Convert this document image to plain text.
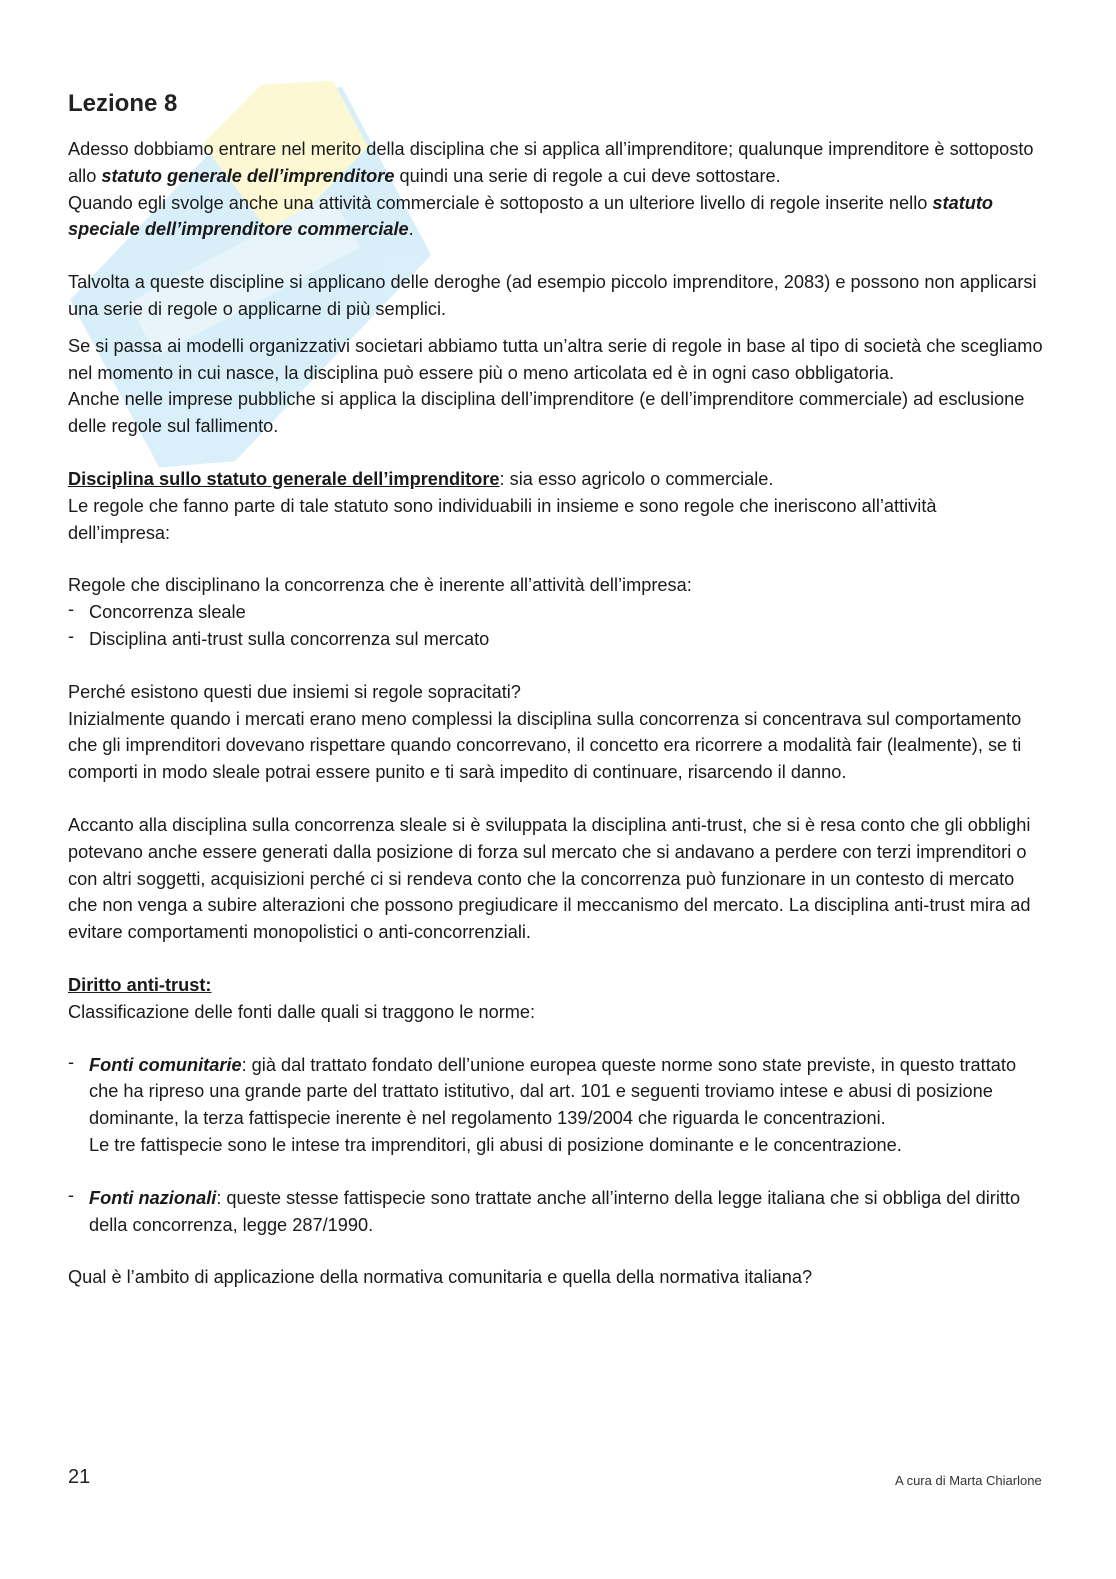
Lezione 8

Adesso dobbiamo entrare nel merito della disciplina che si applica all’imprenditore; qualunque imprenditore è sottoposto allo statuto generale dell’imprenditore quindi una serie di regole a cui deve sottostare.

Quando egli svolge anche una attività commerciale è sottoposto a un ulteriore livello di regole inserite nello statuto speciale dell’imprenditore commerciale.

Talvolta a queste discipline si applicano delle deroghe (ad esempio piccolo imprenditore, 2083) e possono non applicarsi una serie di regole o applicarne di più semplici.

Se si passa ai modelli organizzativi societari abbiamo tutta un’altra serie di regole in base al tipo di società che scegliamo nel momento in cui nasce, la disciplina può essere più o meno articolata ed è in ogni caso obbligatoria.

Anche nelle imprese pubbliche si applica la disciplina dell’imprenditore (e dell’imprenditore commerciale) ad esclusione delle regole sul fallimento.

Disciplina sullo statuto generale dell’imprenditore: sia esso agricolo o commerciale.

Le regole che fanno parte di tale statuto sono individuabili in insieme e sono regole che ineriscono all’attività dell’impresa:

Regole che disciplinano la concorrenza che è inerente all’attività dell’impresa:

- Concorrenza sleale

- Disciplina anti-trust sulla concorrenza sul mercato

Perché esistono questi due insiemi si regole sopracitati?

Inizialmente quando i mercati erano meno complessi la disciplina sulla concorrenza si concentrava sul comportamento che gli imprenditori dovevano rispettare quando concorrevano, il concetto era ricorrere a modalità fair (lealmente), se ti comporti in modo sleale potrai essere punito e ti sarà impedito di continuare, risarcendo il danno.

Accanto alla disciplina sulla concorrenza sleale si è sviluppata la disciplina anti-trust, che si è resa conto che gli obblighi potevano anche essere generati dalla posizione di forza sul mercato che si andavano a perdere con terzi imprenditori o con altri soggetti, acquisizioni perché ci si rendeva conto che la concorrenza può funzionare in un contesto di mercato che non venga a subire alterazioni che possono pregiudicare il meccanismo del mercato. La disciplina anti-trust mira ad evitare comportamenti monopolistici o anti-concorrenziali.

Diritto anti-trust:

Classificazione delle fonti dalle quali si traggono le norme:

- Fonti comunitarie: già dal trattato fondato dell’unione europea queste norme sono state previste, in questo trattato che ha ripreso una grande parte del trattato istitutivo, dal art. 101 e seguenti troviamo intese e abusi di posizione dominante, la terza fattispecie inerente è nel regolamento 139/2004 che riguarda le concentrazioni.

Le tre fattispecie sono le intese tra imprenditori, gli abusi di posizione dominante e le concentrazione.

- Fonti nazionali: queste stesse fattispecie sono trattate anche all’interno della legge italiana che si obbliga del diritto della concorrenza, legge 287/1990.

Qual è l’ambito di applicazione della normativa comunitaria e quella della normativa italiana?

21	A cura di Marta Chiarlone
